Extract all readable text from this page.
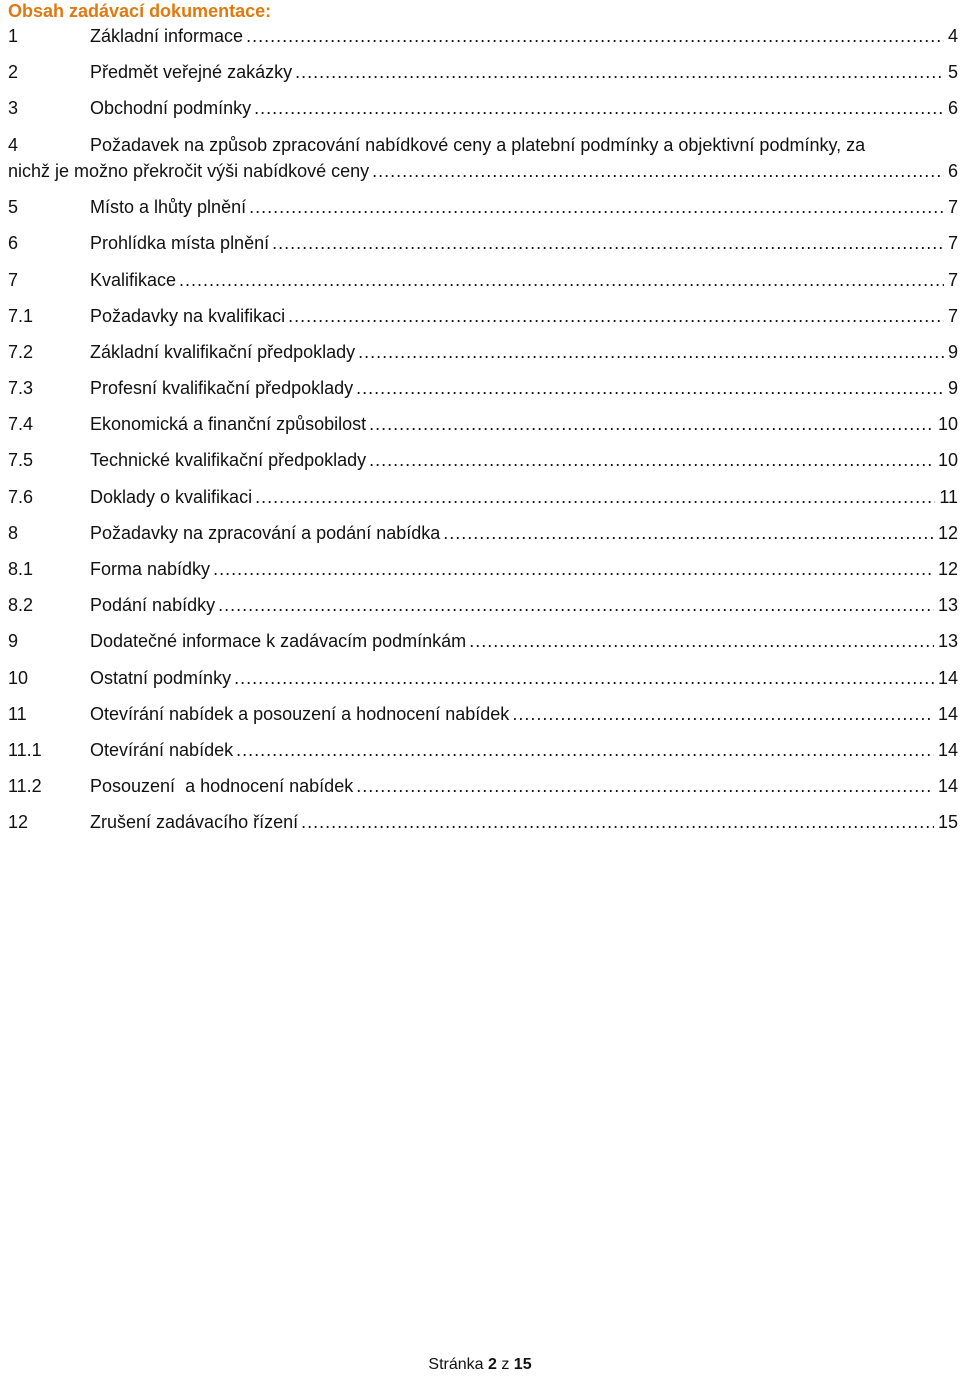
Obsah zadávací dokumentace:
1	Základní informace .....	4
2	Předmět veřejné zakázky .....	5
3	Obchodní podmínky .....	6
4	Požadavek na způsob zpracování nabídkové ceny a platební podmínky a objektivní podmínky, za
nichž je možno překročit výši nabídkové ceny .....	6
5	Místo a lhůty plnění .....	7
6	Prohlídka místa plnění .....	7
7	Kvalifikace .....	7
7.1	Požadavky na kvalifikaci .....	7
7.2	Základní kvalifikační předpoklady .....	9
7.3	Profesní kvalifikační předpoklady .....	9
7.4	Ekonomická a finanční způsobilost .....	10
7.5	Technické kvalifikační předpoklady .....	10
7.6	Doklady o kvalifikaci .....	11
8	Požadavky na zpracování a podání nabídka .....	12
8.1	Forma nabídky .....	12
8.2	Podání nabídky .....	13
9	Dodatečné informace k zadávacím podmínkám .....	13
10	Ostatní podmínky .....	14
11	Otevírání nabídek a posouzení a hodnocení nabídek .....	14
11.1	Otevírání nabídek .....	14
11.2	Posouzení  a hodnocení nabídek .....	14
12	Zrušení zadávacího řízení .....	15
Stránka 2 z 15
